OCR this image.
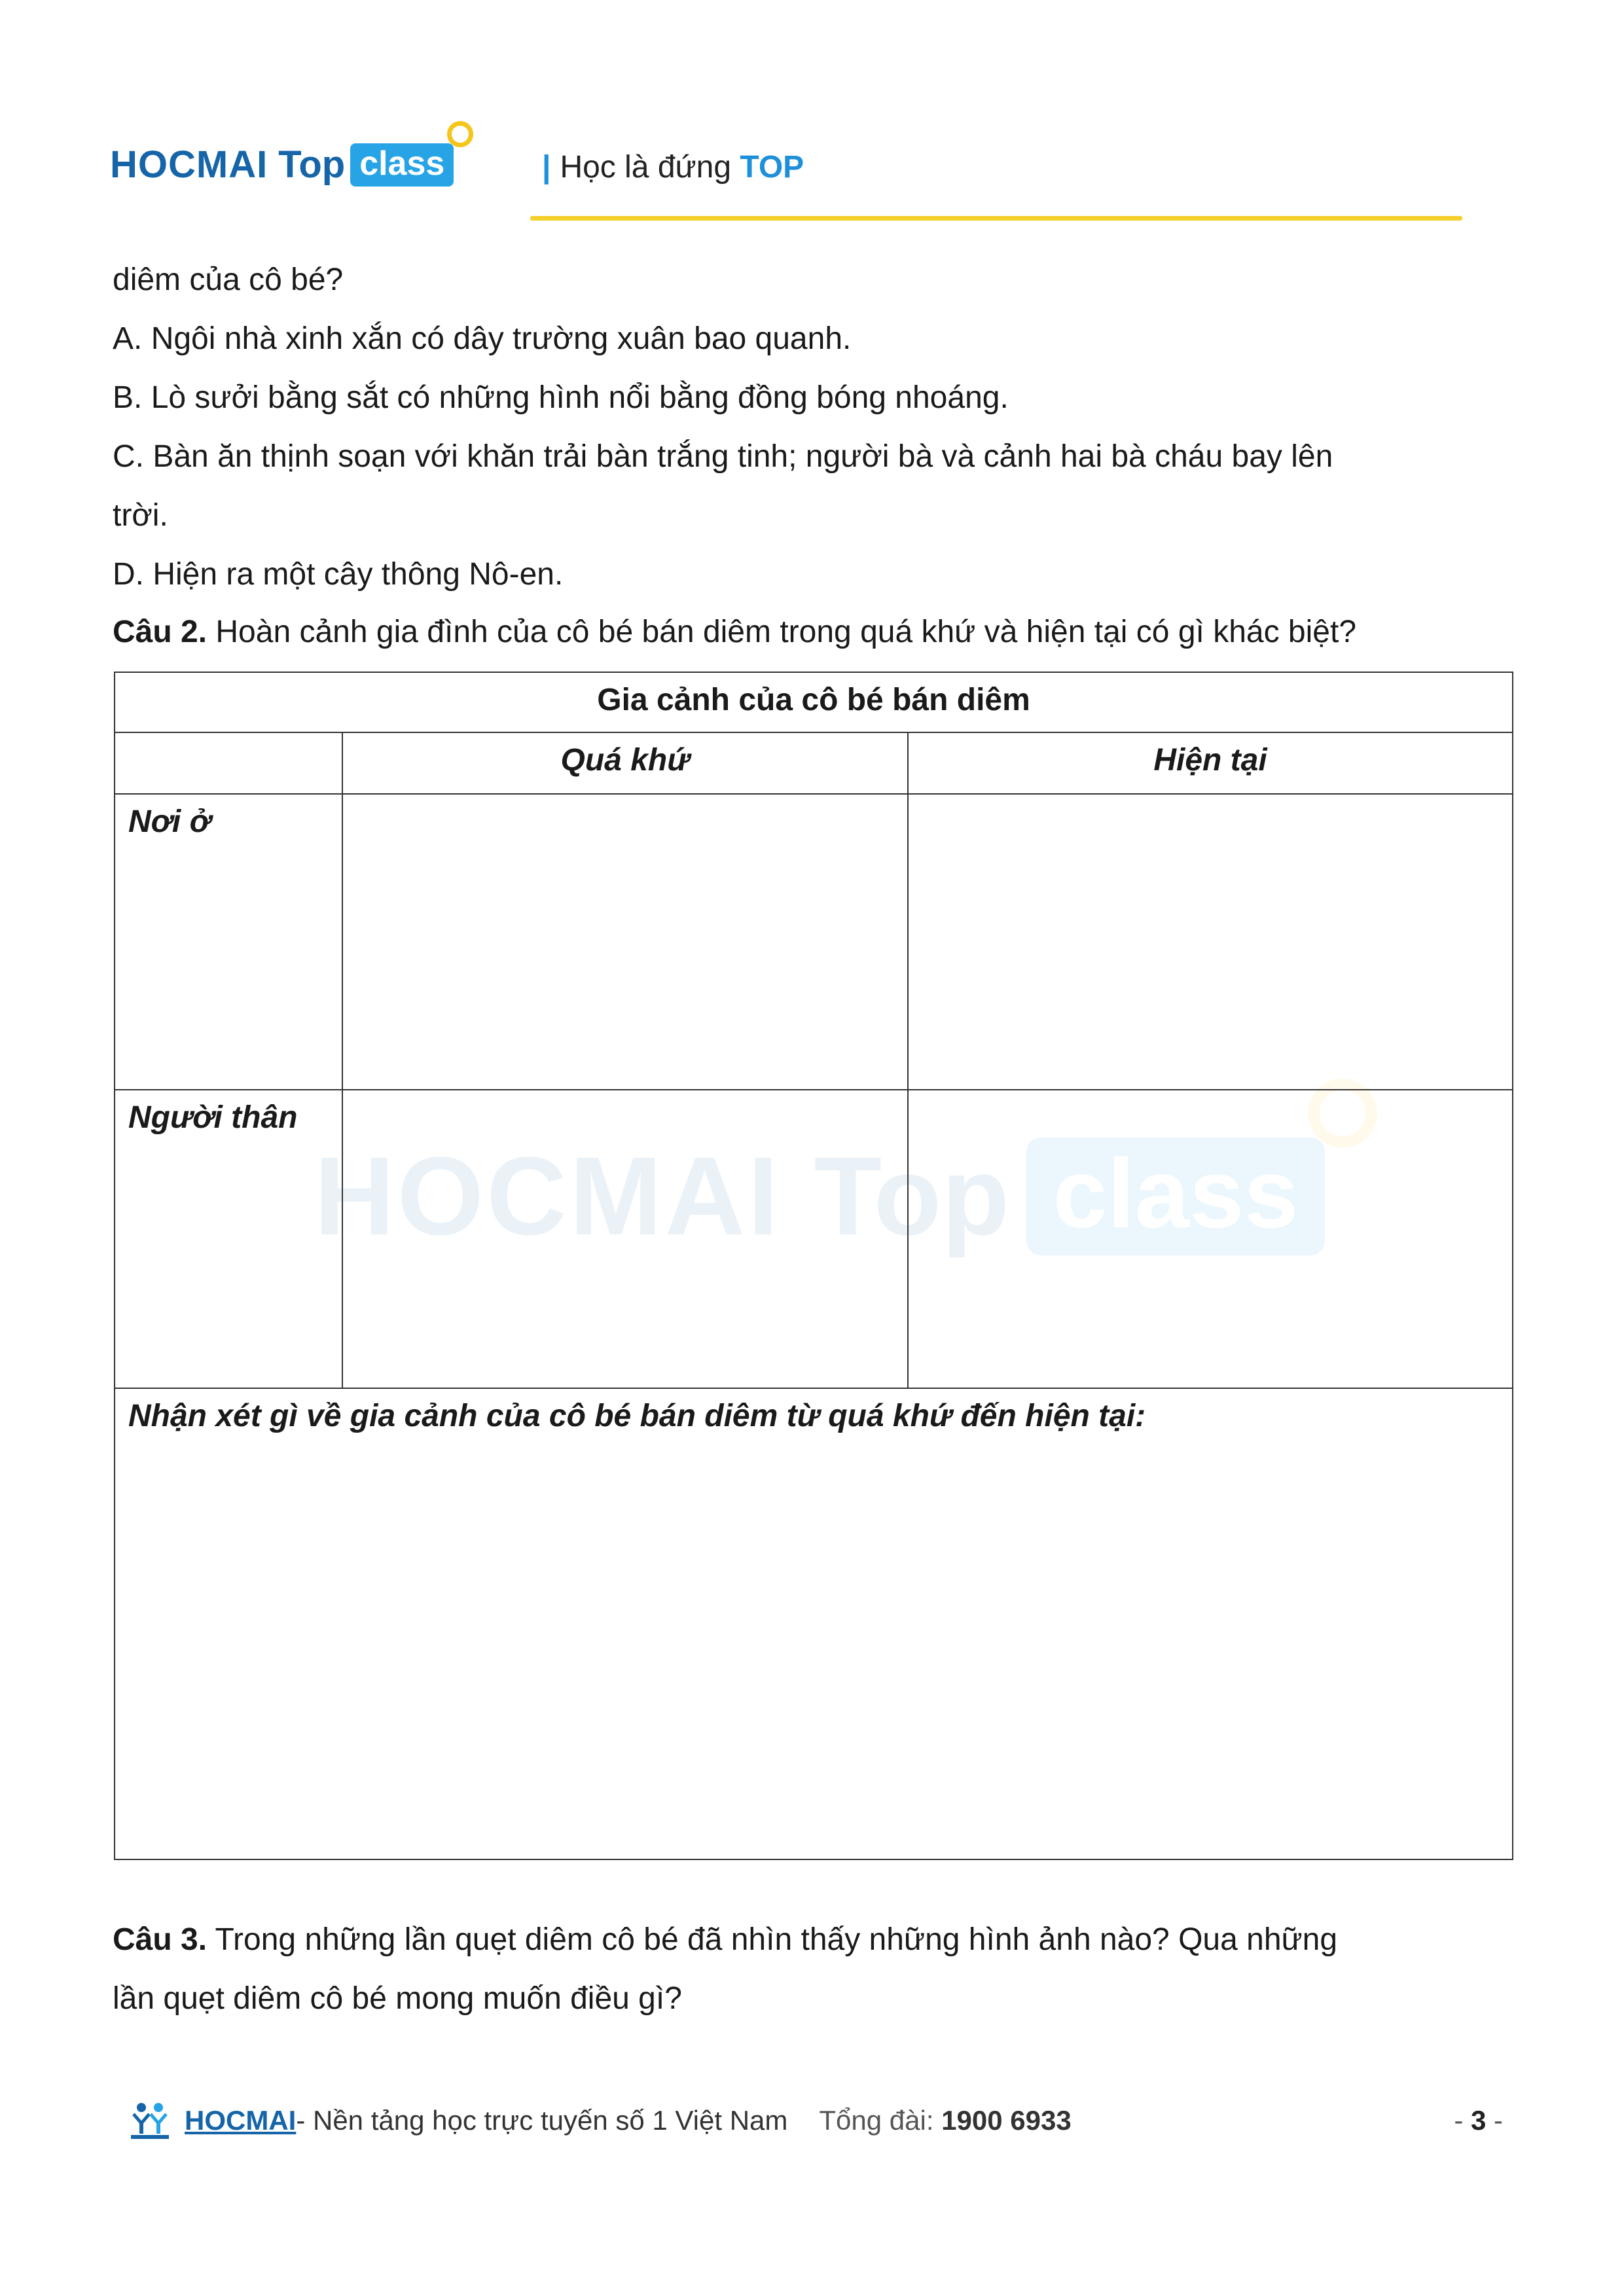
HOCMAI Top class	| Học là đứng TOP
HOCMAI Top class
diêm của cô bé?
A. Ngôi nhà xinh xắn có dây trường xuân bao quanh.
B. Lò sưởi bằng sắt có những hình nổi bằng đồng bóng nhoáng.
C. Bàn ăn thịnh soạn với khăn trải bàn trắng tinh; người bà và cảnh hai bà cháu bay lên
trời.
D. Hiện ra một cây thông Nô-en.
Câu 2. Hoàn cảnh gia đình của cô bé bán diêm trong quá khứ và hiện tại có gì khác biệt?
Gia cảnh của cô bé bán diêm		
	Quá khứ	Hiện tại
Nơi ở		
Người thân		
Nhận xét gì về gia cảnh của cô bé bán diêm từ quá khứ đến hiện tại:		
Câu 3. Trong những lần quẹt diêm cô bé đã nhìn thấy những hình ảnh nào? Qua những
lần quẹt diêm cô bé mong muốn điều gì?
HOCMAI - Nền tảng học trực tuyến số 1 Việt Nam Tổng đài: 1900 6933	- 3 -
